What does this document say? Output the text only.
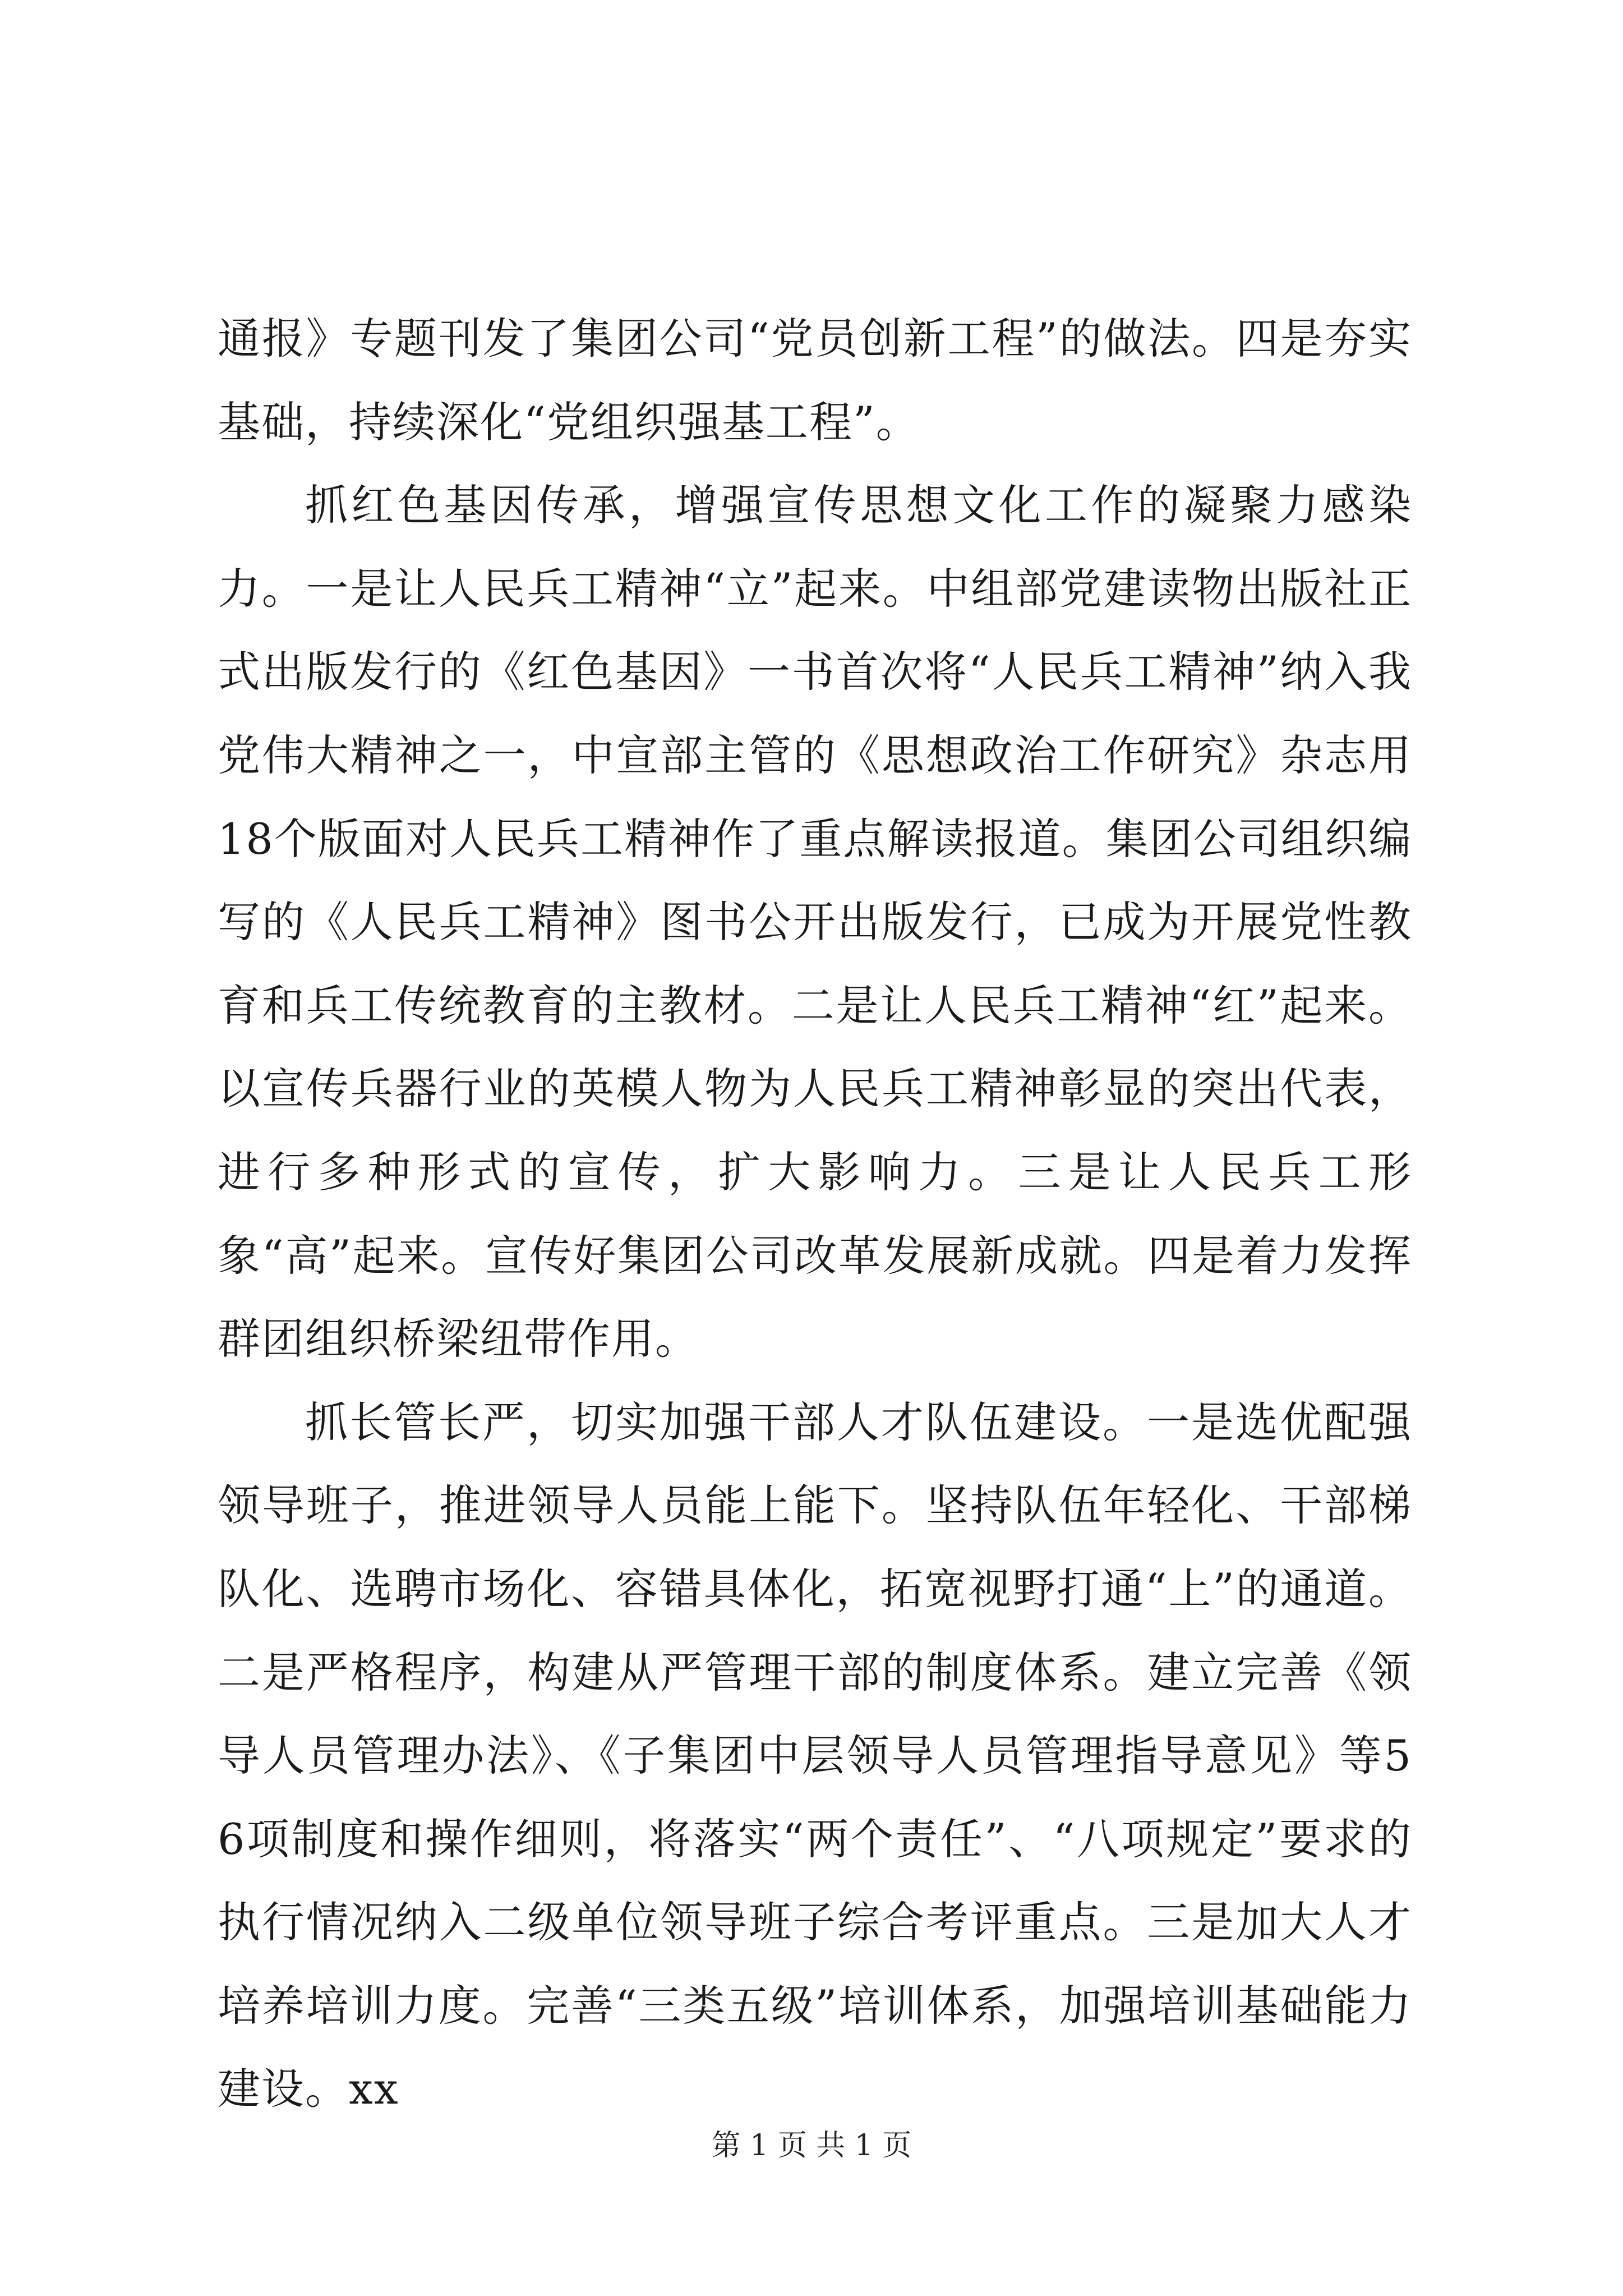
通报》专题刊发了集团公司“党员创新工程”的做法。四是夯实基础，持续深化“党组织强基工程”。

抓红色基因传承，增强宣传思想文化工作的凝聚力感染力。一是让人民兵工精神“立”起来。中组部党建读物出版社正式出版发行的《红色基因》一书首次将“人民兵工精神”纳入我党伟大精神之一，中宣部主管的《思想政治工作研究》杂志用18个版面对人民兵工精神作了重点解读报道。集团公司组织编写的《人民兵工精神》图书公开出版发行，已成为开展党性教育和兵工传统教育的主教材。二是让人民兵工精神“红”起来。以宣传兵器行业的英模人物为人民兵工精神彰显的突出代表，进行多种形式的宣传，扩大影响力。三是让人民兵工形象“高”起来。宣传好集团公司改革发展新成就。四是着力发挥群团组织桥梁纽带作用。

抓长管长严，切实加强干部人才队伍建设。一是选优配强领导班子，推进领导人员能上能下。坚持队伍年轻化、干部梯队化、选聘市场化、容错具体化，拓宽视野打通“上”的通道。二是严格程序，构建从严管理干部的制度体系。建立完善《领导人员管理办法》、《子集团中层领导人员管理指导意见》等56项制度和操作细则，将落实“两个责任”、“八项规定”要求的执行情况纳入二级单位领导班子综合考评重点。三是加大人才培养培训力度。完善“三类五级”培训体系，加强培训基础能力建设。xx

第 1 页 共 1 页
